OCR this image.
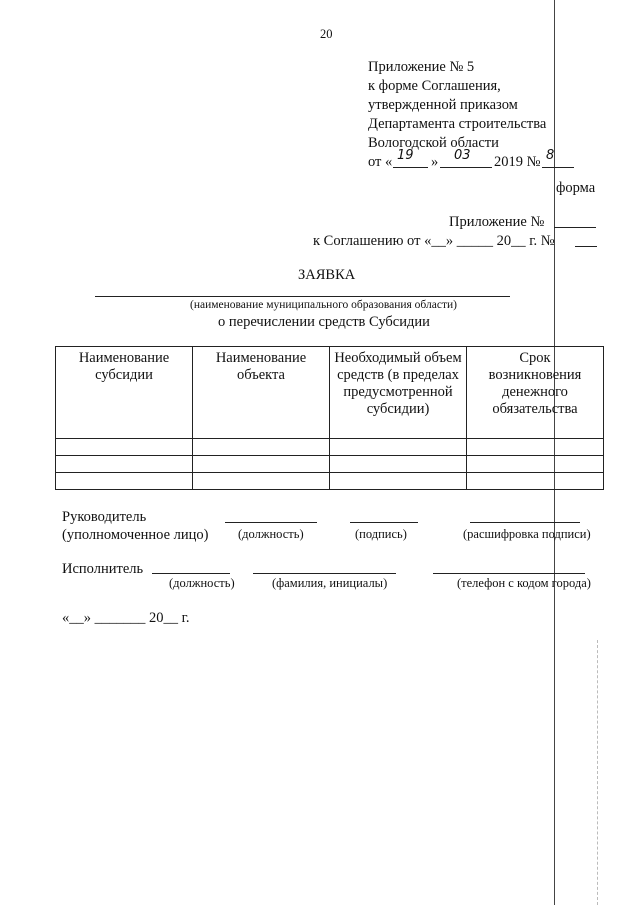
20
Приложение № 5
к форме Соглашения,
утвержденной приказом
Департамента строительства
Вологодской области
от « 19 » 03 2019 № 8
форма
Приложение №
к Соглашению от «__» _____ 20__ г. №
ЗАЯВКА
(наименование муниципального образования области)
о перечислении средств Субсидии
Наименование субсидии	Наименование объекта	Необходимый объем средств (в пределах предусмотренной субсидии)	Срок возникновения денежного обязательства

Руководитель
(уполномоченное лицо) (должность)	(подпись)	(расшифровка подписи)
Исполнитель
(должность)	(фамилия, инициалы)	(телефон с кодом города)
«__» _______ 20__ г.
